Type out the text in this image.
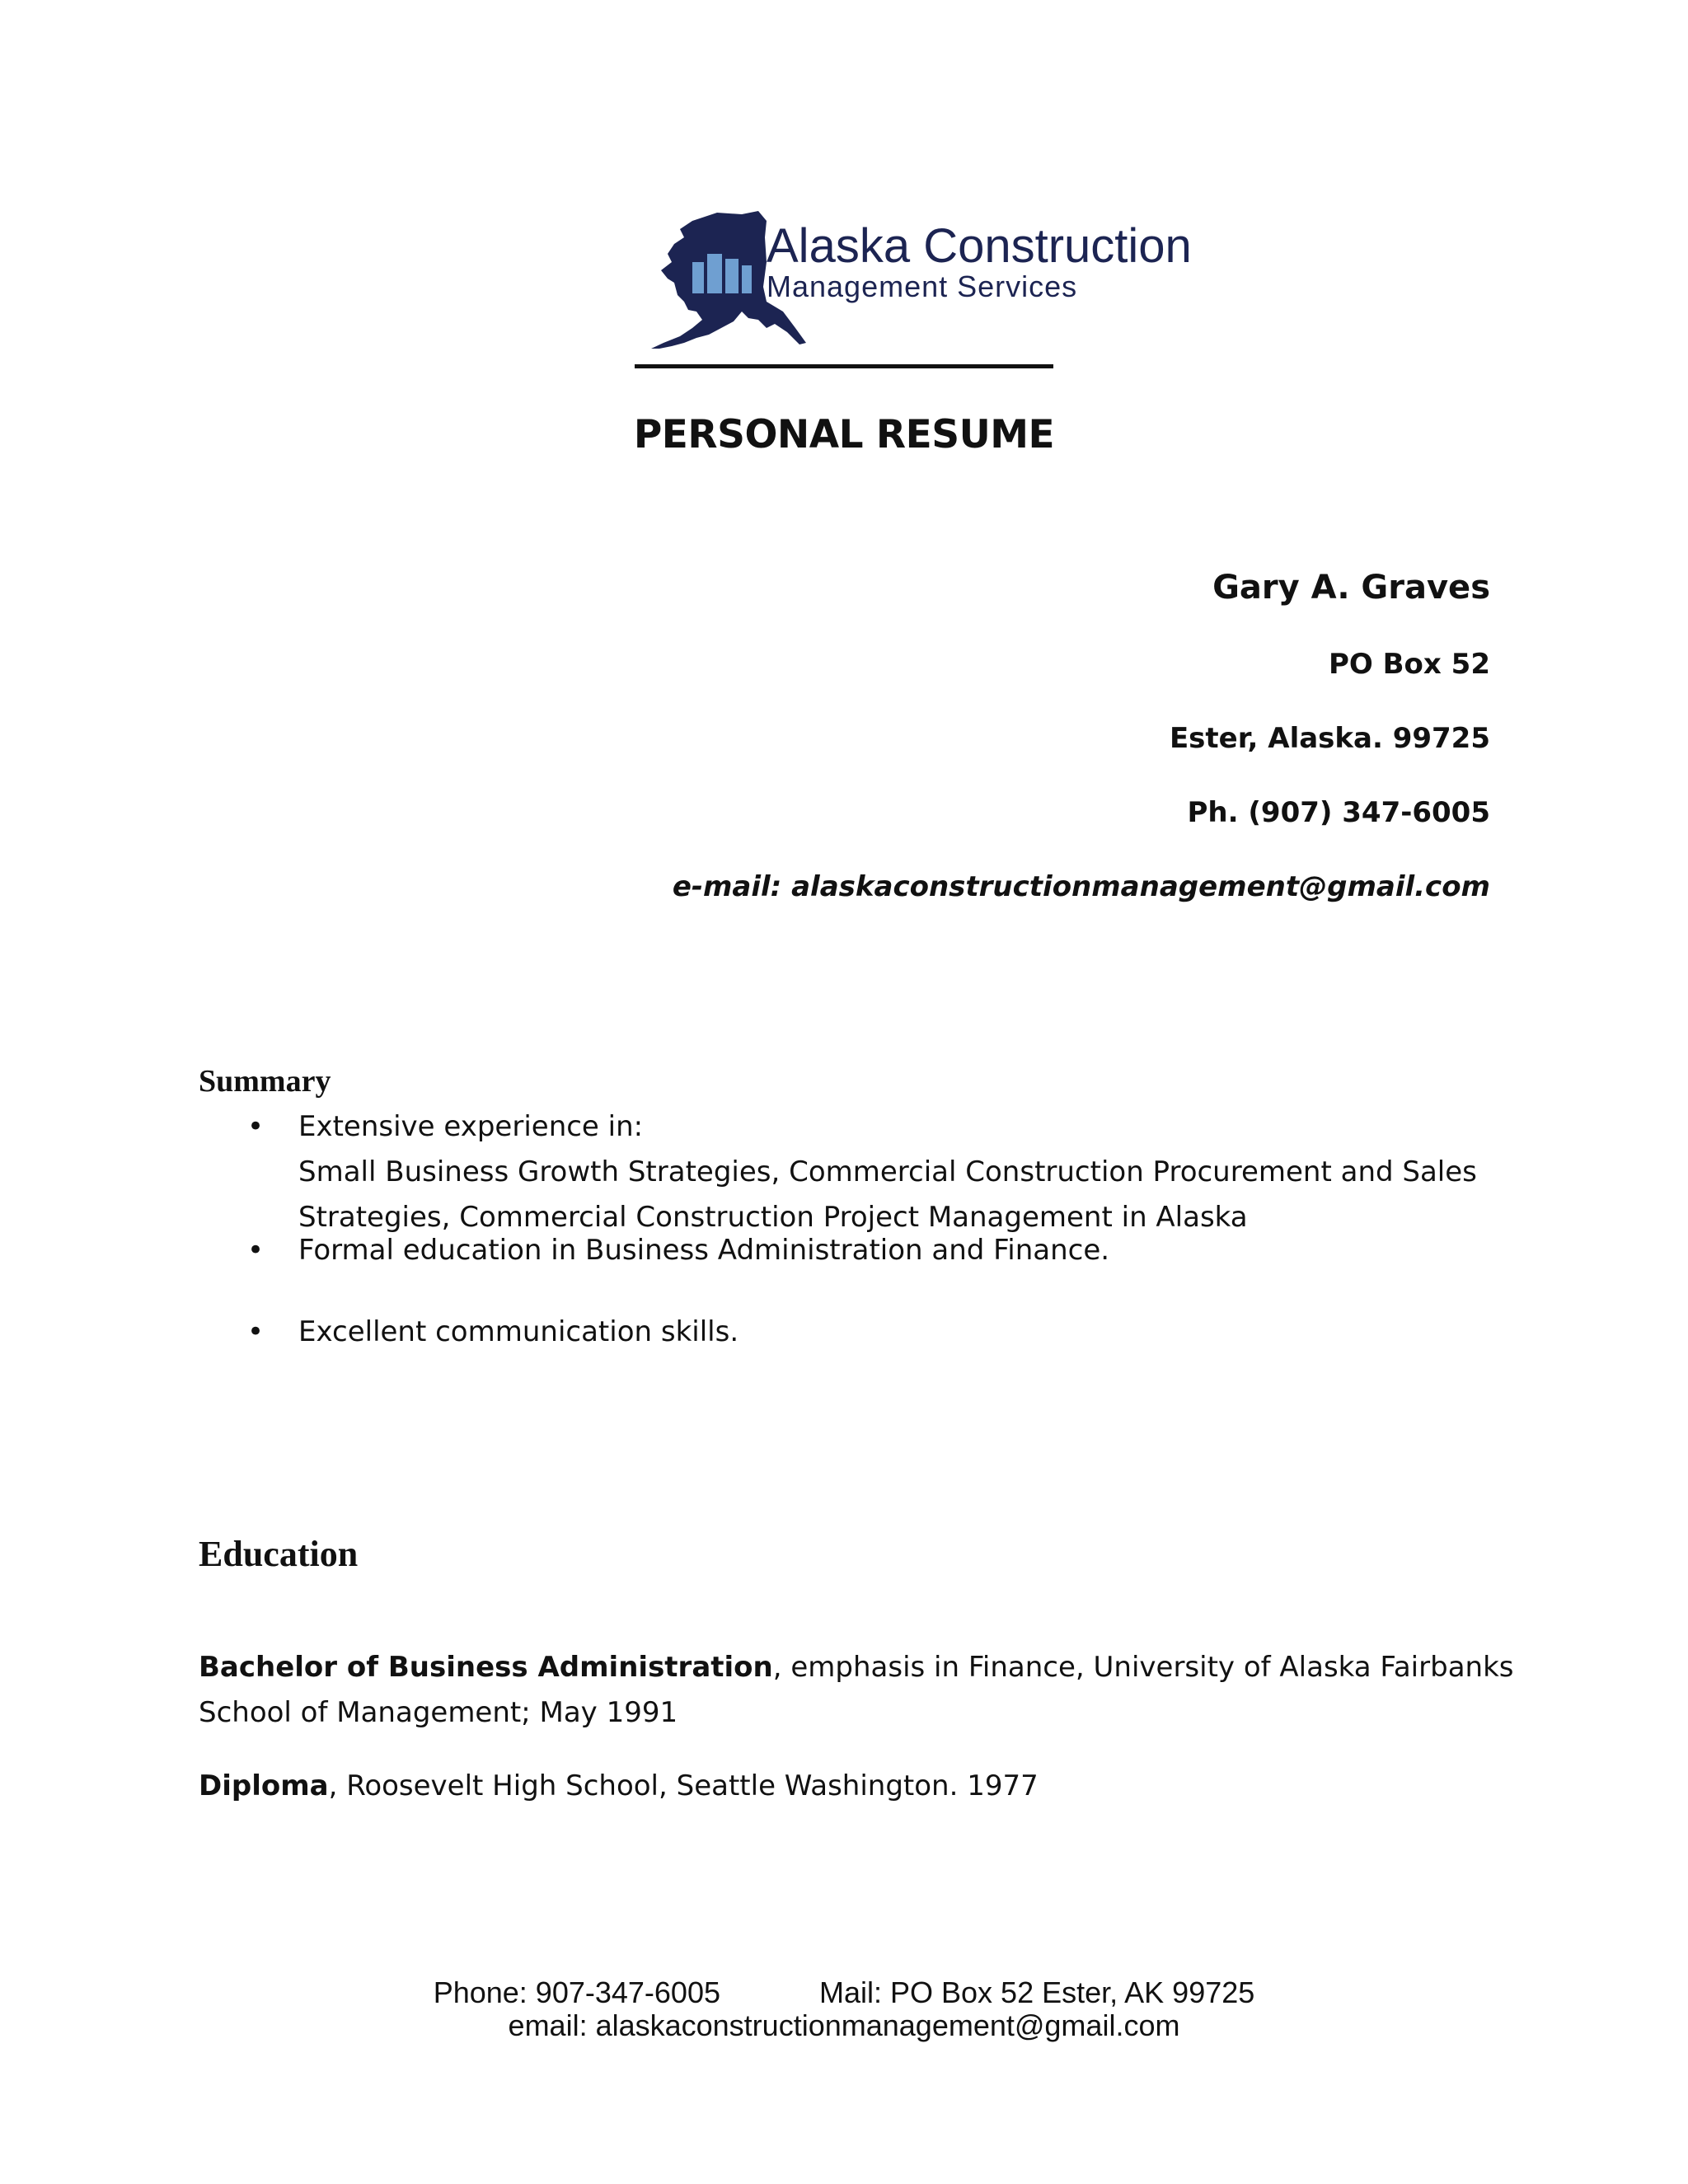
Alaska Construction
Management Services
PERSONAL RESUME
Gary A. Graves
PO Box 52
Ester, Alaska. 99725
Ph. (907) 347-6005
e-mail: alaskaconstructionmanagement@gmail.com
Summary
• Extensive experience in:
Small Business Growth Strategies, Commercial Construction Procurement and Sales
Strategies, Commercial Construction Project Management in Alaska
• Formal education in Business Administration and Finance.
• Excellent communication skills.
Education
Bachelor of Business Administration, emphasis in Finance, University of Alaska Fairbanks
School of Management; May 1991
Diploma, Roosevelt High School, Seattle Washington. 1977
Phone: 907-347-6005	Mail: PO Box 52 Ester, AK 99725
email: alaskaconstructionmanagement@gmail.com
